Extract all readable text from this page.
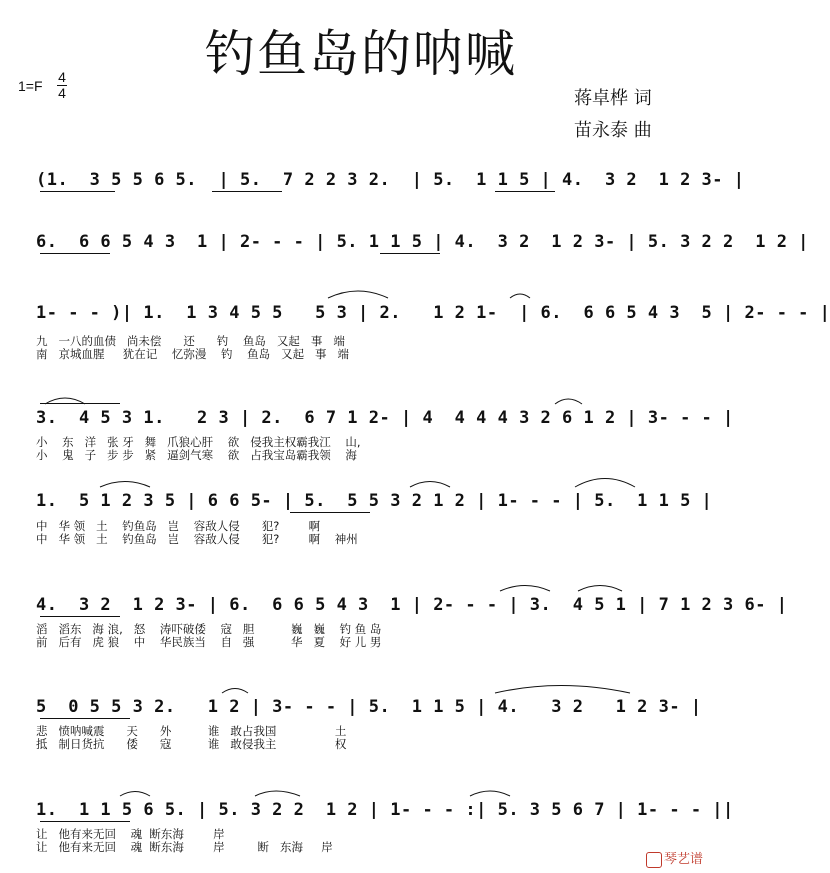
钓鱼岛的呐喊
1=F
4
4	蒋卓桦 词
苗永泰 曲
(1.  3 5 5 6 5.  | 5.  7 2 2 3 2.  | 5.  1 1 5 | 4.  3 2  1 2 3- |
6.  6 6 5 4 3  1 | 2- - - | 5. 1 1 5 | 4.  3 2  1 2 3- | 5. 3 2 2  1 2 |
1- - - )| 1.  1 3 4 5 5   5 3 | 2.   1 2 1-  | 6.  6 6 5 4 3  5 | 2- - - |
九   一八的血债   尚未偿      还      钓    鱼岛   又起   事   端
南   京城血腥     犹在记    忆弥漫    钓    鱼岛   又起   事   端
3.  4 5 3 1.   2 3 | 2.  6 7 1 2- | 4  4 4 4 3 2 6 1 2 | 3- - - |
小    东   洋   张 牙   舞   爪狼心肝    欲   侵我主权霸我江    山,
小    鬼   子   步 步   紧   逼剑气寒    欲   占我宝岛霸我领    海
1.  5 1 2 3 5 | 6 6 5- | 5.  5 5 3 2 1 2 | 1- - - | 5.  1 1 5 |
中   华 领   土    钓鱼岛   岂    容敌人侵      犯?        啊
中   华 领   土    钓鱼岛   岂    容敌人侵      犯?        啊    神州
4.  3 2  1 2 3- | 6.  6 6 5 4 3  1 | 2- - - | 3.  4 5 1 | 7 1 2 3 6- |
滔   滔东   海 浪,   怒    涛吓破倭    寇   胆          巍   巍    钓 鱼 岛
前   后有   虎 狼    中    华民族当    自   强          华   夏    好 儿 男
5  0 5 5 3 2.   1 2 | 3- - - | 5.  1 1 5 | 4.   3 2   1 2 3- |
悲   愤呐喊震      天      外          谁   敢占我国                土
抵   制日货抗      倭      寇          谁   敢侵我主                权
1.  1 1 5 6 5. | 5. 3 2 2  1 2 | 1- - - :| 5. 3 5 6 7 | 1- - - ||
让   他有来无回    魂  断东海        岸
让   他有来无回    魂  断东海        岸         断   东海     岸
琴艺谱
